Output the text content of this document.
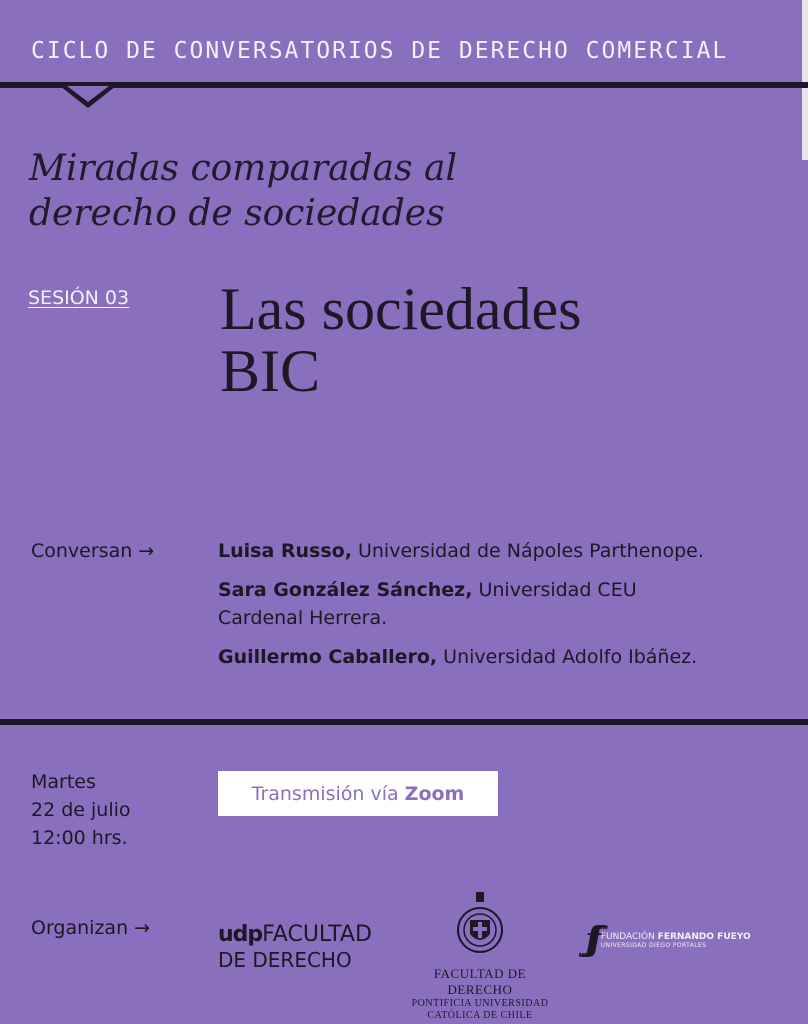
CICLO DE CONVERSATORIOS DE DERECHO COMERCIAL
Miradas comparadas al
derecho de sociedades
SESIÓN 03 Las sociedades
BIC
Conversan →	Luisa Russo, Universidad de Nápoles Parthenope.
Sara González Sánchez, Universidad CEU Cardenal Herrera.
Guillermo Caballero, Universidad Adolfo Ibáñez.
Martes
22 de julio
12:00 hrs.
Transmisión vía Zoom
Organizan →	udpFACULTAD
DE DERECHO
FACULTAD DE DERECHO
PONTIFICIA UNIVERSIDAD
CATÓLICA DE CHILE
ƒƒƒ FUNDACIÓN FERNANDO FUEYO
UNIVERSIDAD DIEGO PORTALES
